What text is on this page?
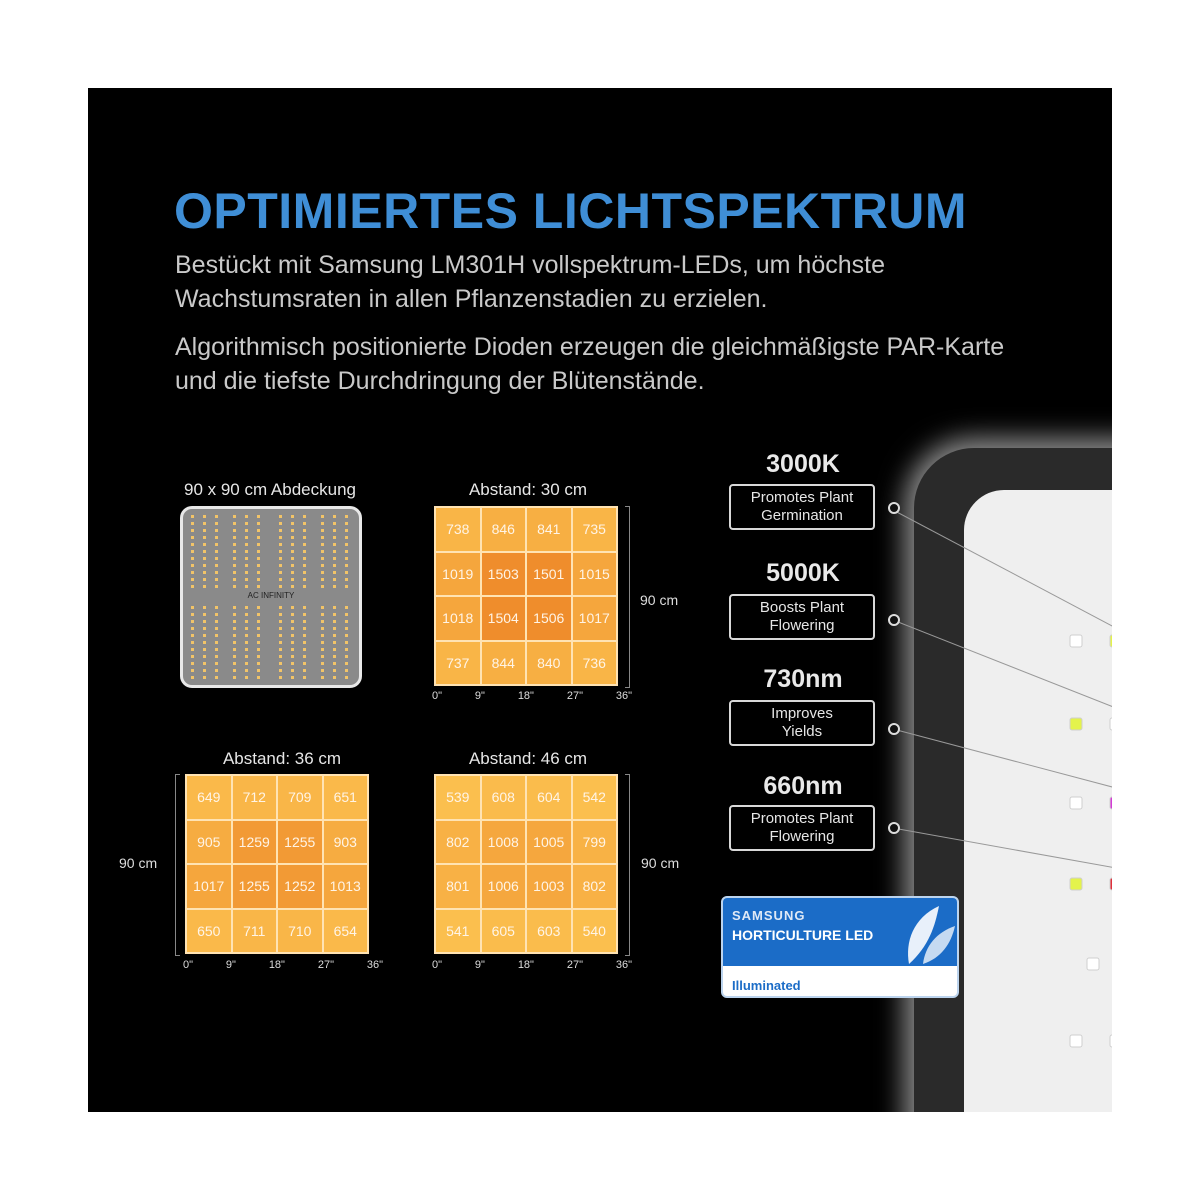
OPTIMIERTES LICHTSPEKTRUM
Bestückt mit Samsung LM301H vollspektrum-LEDs, um höchste Wachstumsraten in allen Pflanzenstadien zu erzielen.
Algorithmisch positionierte Dioden erzeugen die gleichmäßigste PAR-Karte und die tiefste Durchdringung der Blütenstände.
90 x 90 cm Abdeckung
AC INFINITY
Abstand: 30 cm
738	846	841	735
1019	1503	1501	1015
1018	1504	1506	1017
737	844	840	736
90 cm
0"	9"	18"	27"	36"
Abstand: 36 cm
649	712	709	651
905	1259	1255	903
1017	1255	1252	1013
650	711	710	654
90 cm
0"	9"	18"	27"	36"
Abstand: 46 cm
539	608	604	542
802	1008	1005	799
801	1006	1003	802
541	605	603	540
90 cm
0"	9"	18"	27"	36"
3000K
Promotes Plant
Germination
5000K
Boosts Plant
Flowering
730nm
Improves
Yields
660nm
Promotes Plant
Flowering
SAMSUNG
HORTICULTURE LED
Illuminated
